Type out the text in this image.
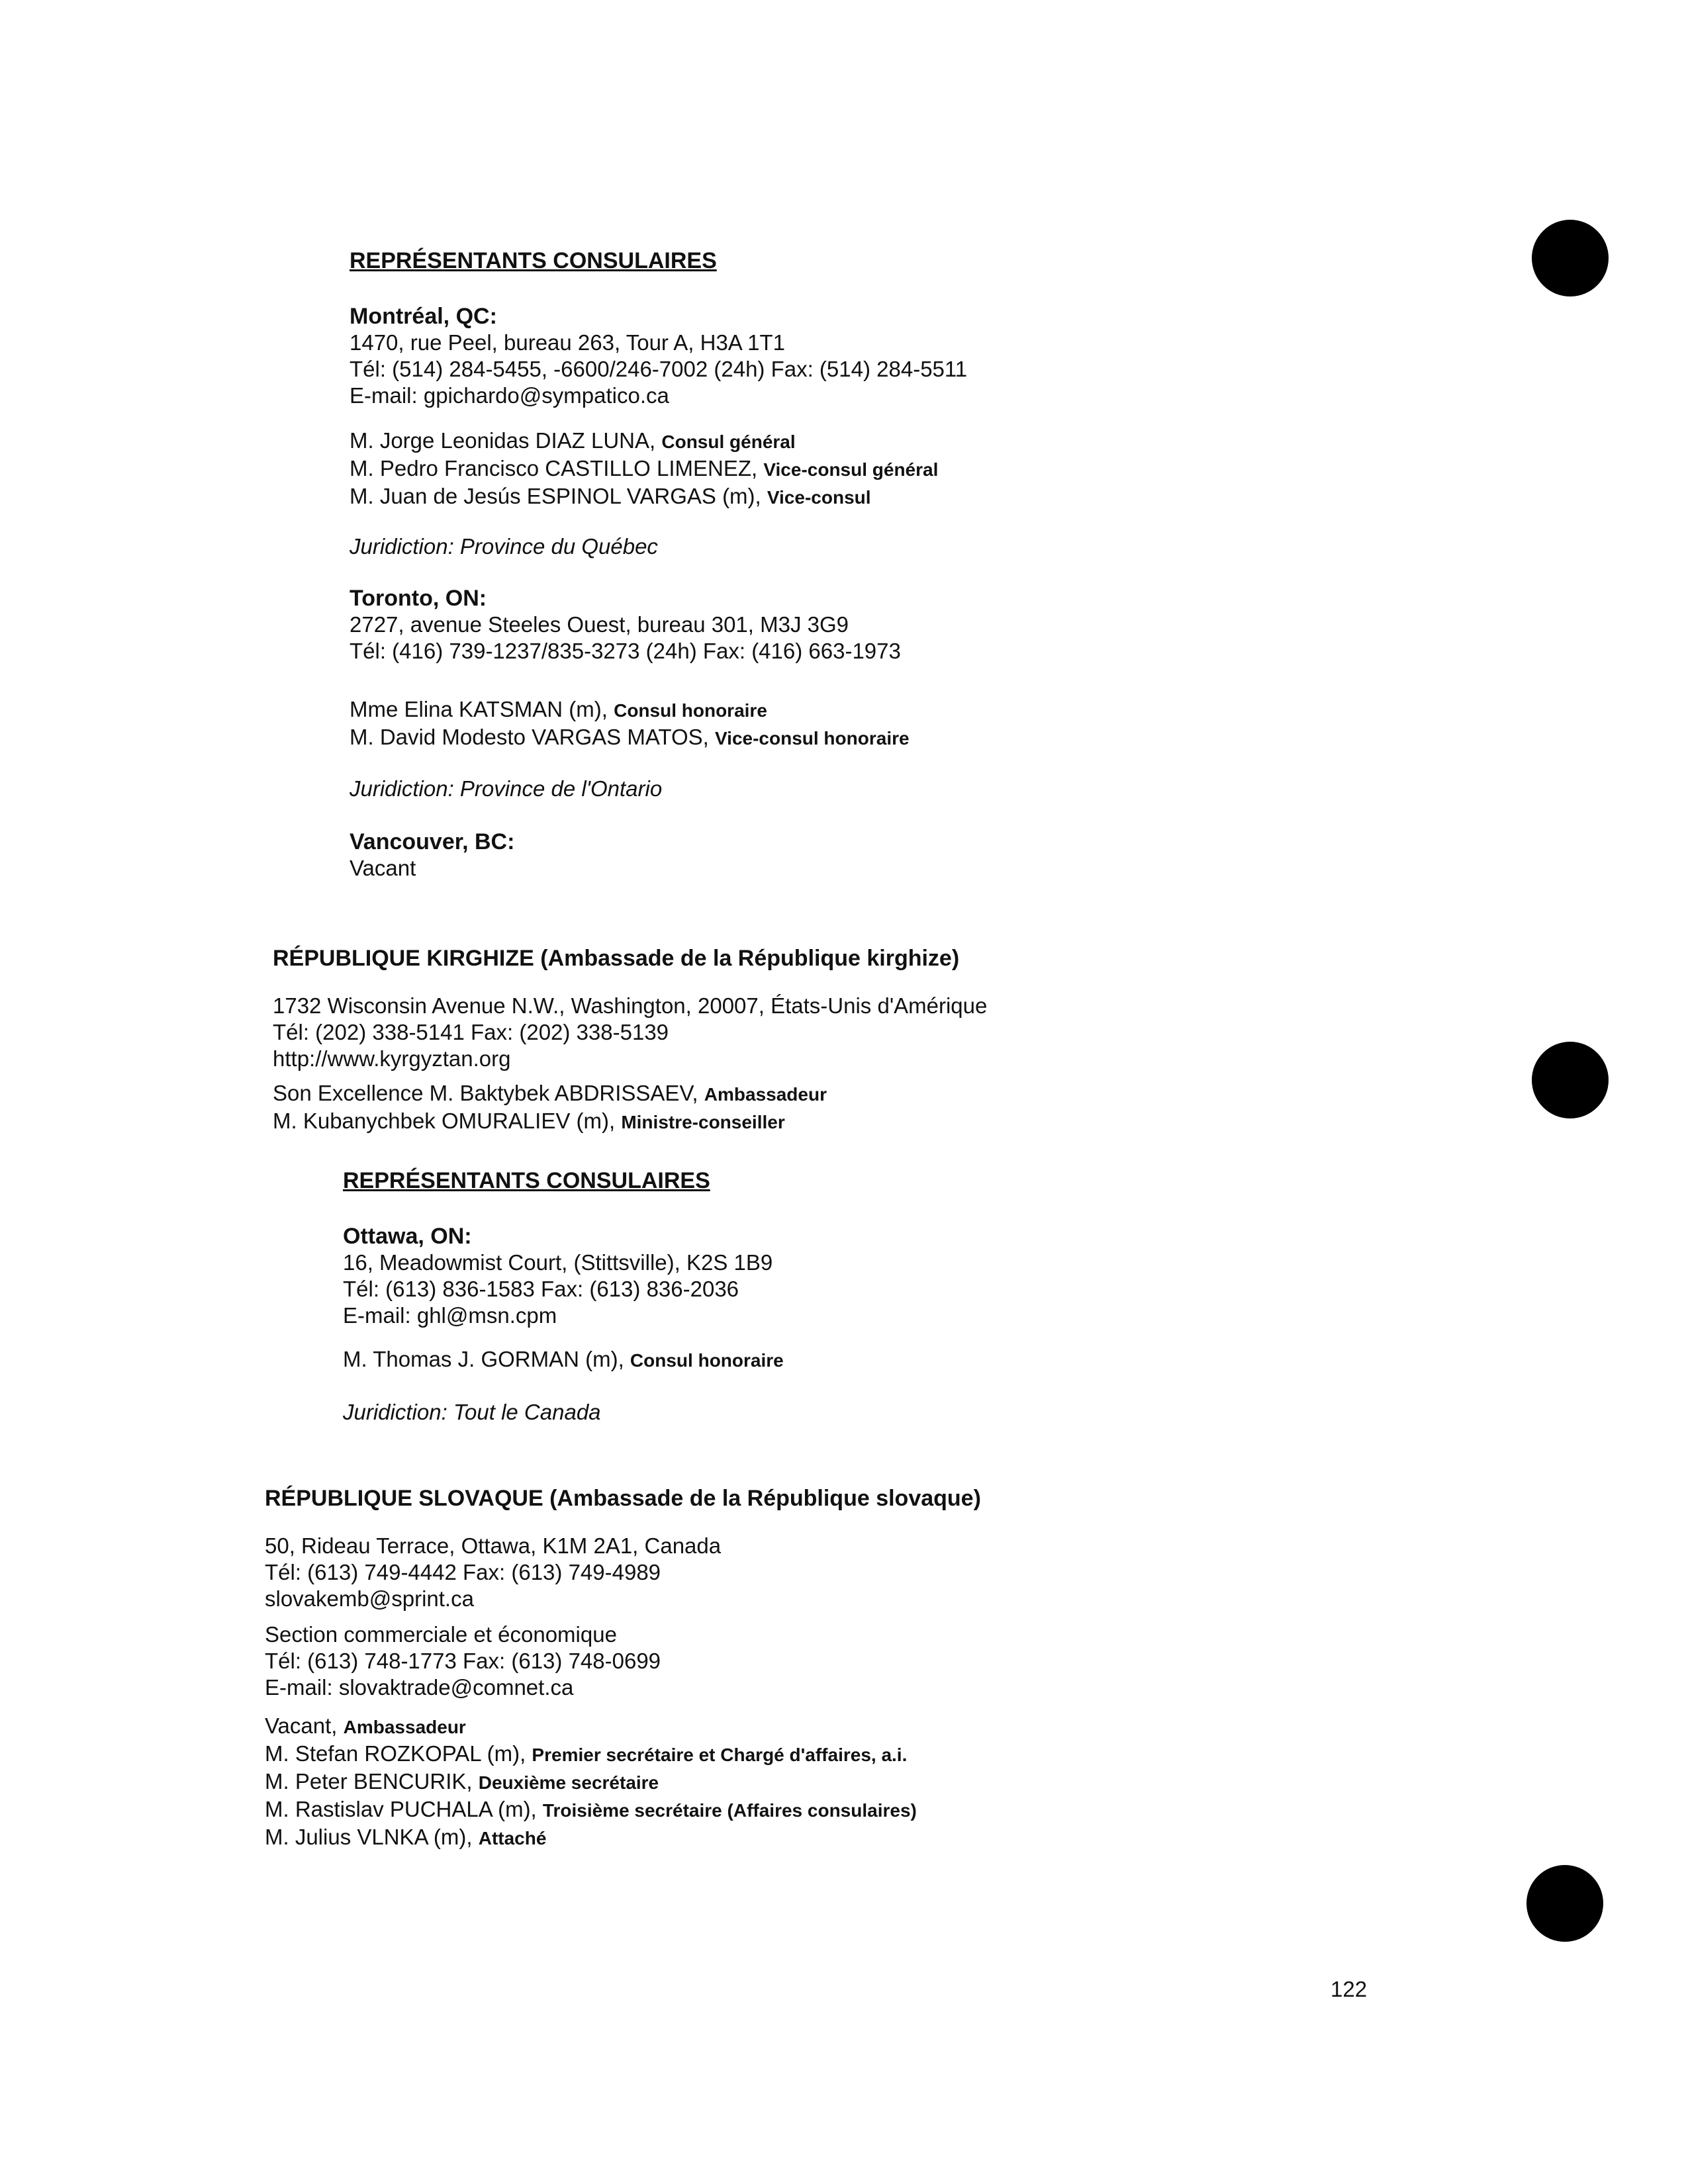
REPRÉSENTANTS CONSULAIRES

Montréal, QC:

1470, rue Peel, bureau 263, Tour A, H3A 1T1

Tél: (514) 284-5455, -6600/246-7002 (24h) Fax: (514) 284-5511

E-mail: gpichardo@sympatico.ca

M. Jorge Leonidas DIAZ LUNA, Consul général

M. Pedro Francisco CASTILLO LIMENEZ, Vice-consul général

M. Juan de Jesús ESPINOL VARGAS (m), Vice-consul

Juridiction: Province du Québec

Toronto, ON:

2727, avenue Steeles Ouest, bureau 301, M3J 3G9

Tél: (416) 739-1237/835-3273 (24h) Fax: (416) 663-1973

Mme Elina KATSMAN (m), Consul honoraire

M. David Modesto VARGAS MATOS, Vice-consul honoraire

Juridiction: Province de l'Ontario

Vancouver, BC:

Vacant

RÉPUBLIQUE KIRGHIZE (Ambassade de la République kirghize)

1732 Wisconsin Avenue N.W., Washington, 20007, États-Unis d'Amérique

Tél: (202) 338-5141 Fax: (202) 338-5139

http://www.kyrgyztan.org

Son Excellence M. Baktybek ABDRISSAEV, Ambassadeur

M. Kubanychbek OMURALIEV (m), Ministre-conseiller

REPRÉSENTANTS CONSULAIRES

Ottawa, ON:

16, Meadowmist Court, (Stittsville), K2S 1B9

Tél: (613) 836-1583 Fax: (613) 836-2036

E-mail: ghl@msn.cpm

M. Thomas J. GORMAN (m), Consul honoraire

Juridiction: Tout le Canada

RÉPUBLIQUE SLOVAQUE (Ambassade de la République slovaque)

50, Rideau Terrace, Ottawa, K1M 2A1, Canada

Tél: (613) 749-4442 Fax: (613) 749-4989

slovakemb@sprint.ca

Section commerciale et économique

Tél: (613) 748-1773 Fax: (613) 748-0699

E-mail: slovaktrade@comnet.ca

Vacant, Ambassadeur

M. Stefan ROZKOPAL (m), Premier secrétaire et Chargé d'affaires, a.i.

M. Peter BENCURIK, Deuxième secrétaire

M. Rastislav PUCHALA (m), Troisième secrétaire (Affaires consulaires)

M. Julius VLNKA (m), Attaché

122
